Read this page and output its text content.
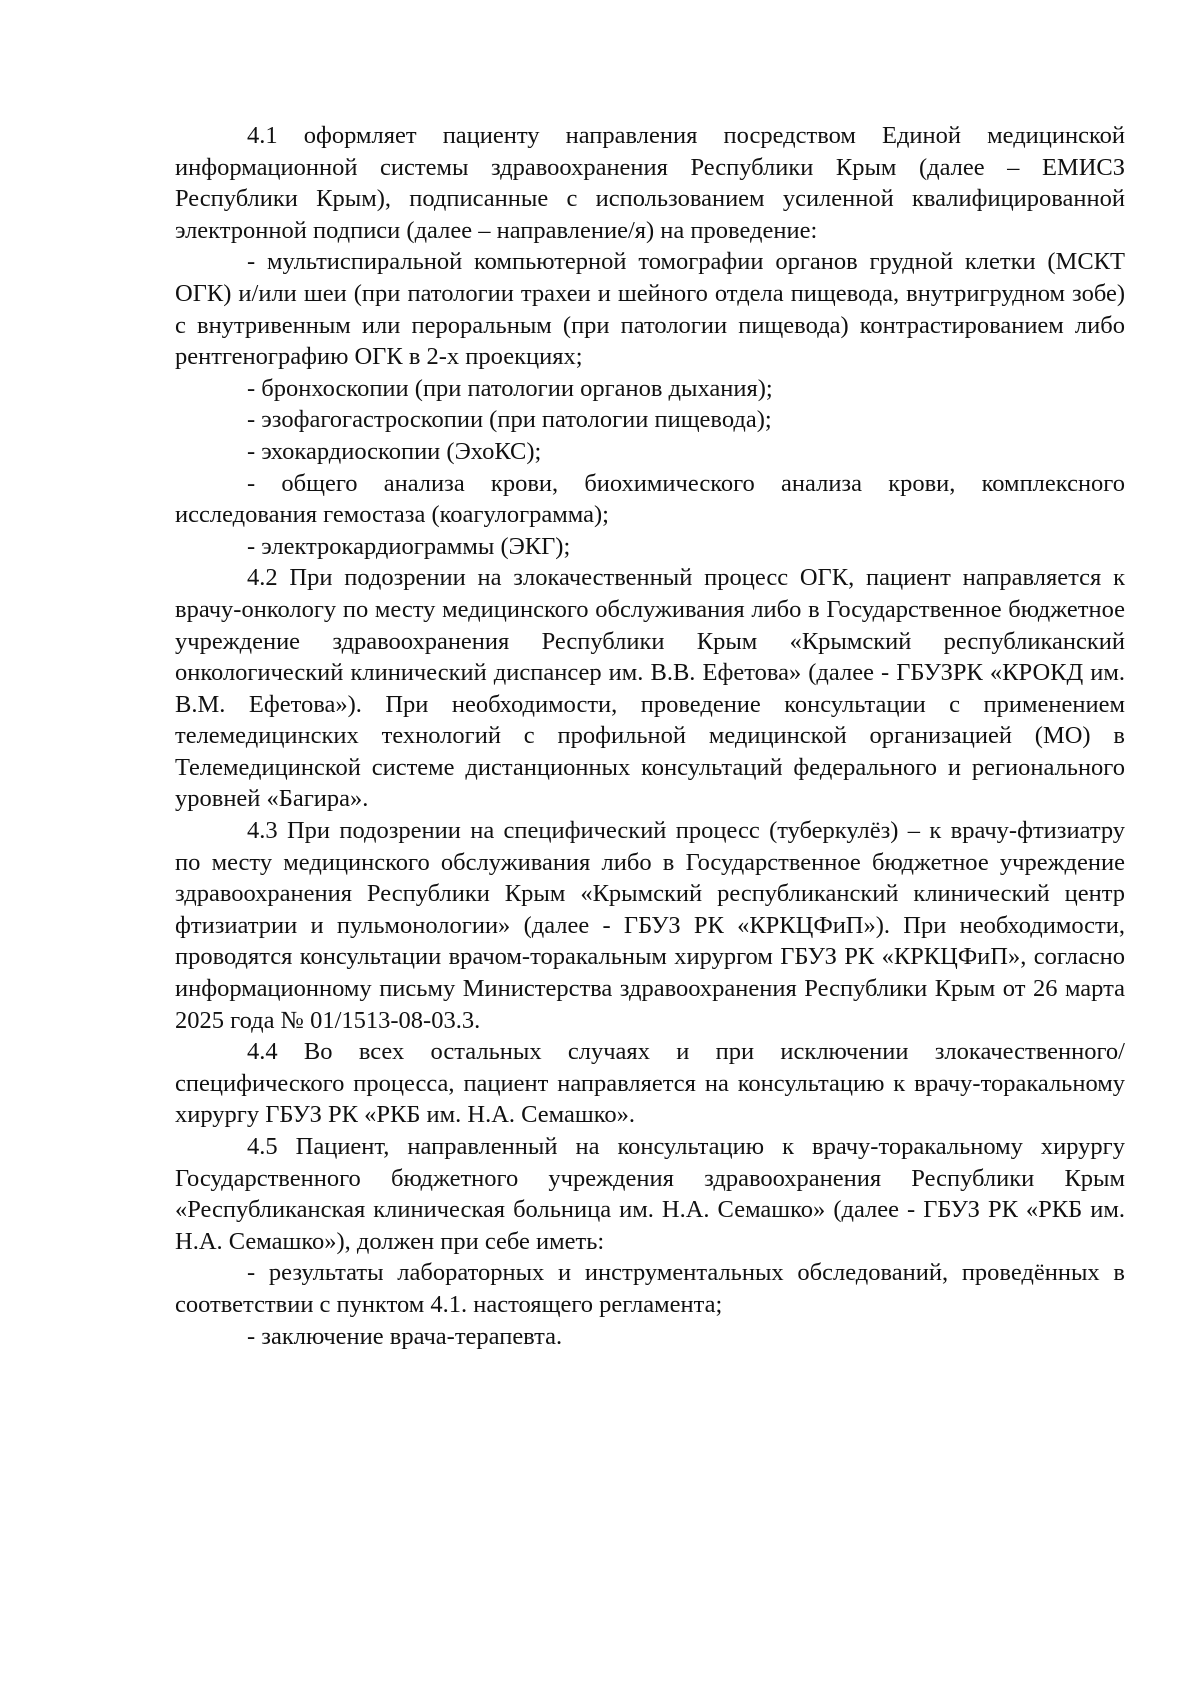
4.1 оформляет пациенту направления посредством Единой медицинской информационной системы здравоохранения Республики Крым (далее – ЕМИСЗ Республики Крым), подписанные с использованием усиленной квалифицированной электронной подписи (далее – направление/я) на проведение:

- мультиспиральной компьютерной томографии органов грудной клетки (МСКТ ОГК) и/или шеи (при патологии трахеи и шейного отдела пищевода, внутригрудном зобе) с внутривенным или пероральным (при патологии пищевода) контрастированием либо рентгенографию ОГК в 2-х проекциях;

- бронхоскопии (при патологии органов дыхания);

- эзофагогастроскопии (при патологии пищевода);

- эхокардиоскопии (ЭхоКС);

- общего анализа крови, биохимического анализа крови, комплексного исследования гемостаза (коагулограмма);

- электрокардиограммы (ЭКГ);

4.2 При подозрении на злокачественный процесс ОГК, пациент направляется к врачу-онкологу по месту медицинского обслуживания либо в Государственное бюджетное учреждение здравоохранения Республики Крым «Крымский республиканский онкологический клинический диспансер им. В.В. Ефетова» (далее - ГБУЗРК «КРОКД им. В.М. Ефетова»). При необходимости, проведение консультации с применением телемедицинских технологий с профильной медицинской организацией (МО) в Телемедицинской системе дистанционных консультаций федерального и регионального уровней «Багира».

4.3 При подозрении на специфический процесс (туберкулёз) – к врачу-фтизиатру по месту медицинского обслуживания либо в Государственное бюджетное учреждение здравоохранения Республики Крым «Крымский республиканский клинический центр фтизиатрии и пульмонологии» (далее - ГБУЗ РК «КРКЦФиП»). При необходимости, проводятся консультации врачом-торакальным хирургом ГБУЗ РК «КРКЦФиП», согласно информационному письму Министерства здравоохранения Республики Крым от 26 марта 2025 года № 01/1513-08-03.3.

4.4 Во всех остальных случаях и при исключении злокачественного/специфического процесса, пациент направляется на консультацию к врачу-торакальному хирургу ГБУЗ РК «РКБ им. Н.А. Семашко».

4.5 Пациент, направленный на консультацию к врачу-торакальному хирургу Государственного бюджетного учреждения здравоохранения Республики Крым «Республиканская клиническая больница им. Н.А. Семашко» (далее - ГБУЗ РК «РКБ им. Н.А. Семашко»), должен при себе иметь:

- результаты лабораторных и инструментальных обследований, проведённых в соответствии с пунктом 4.1. настоящего регламента;

- заключение врача-терапевта.
